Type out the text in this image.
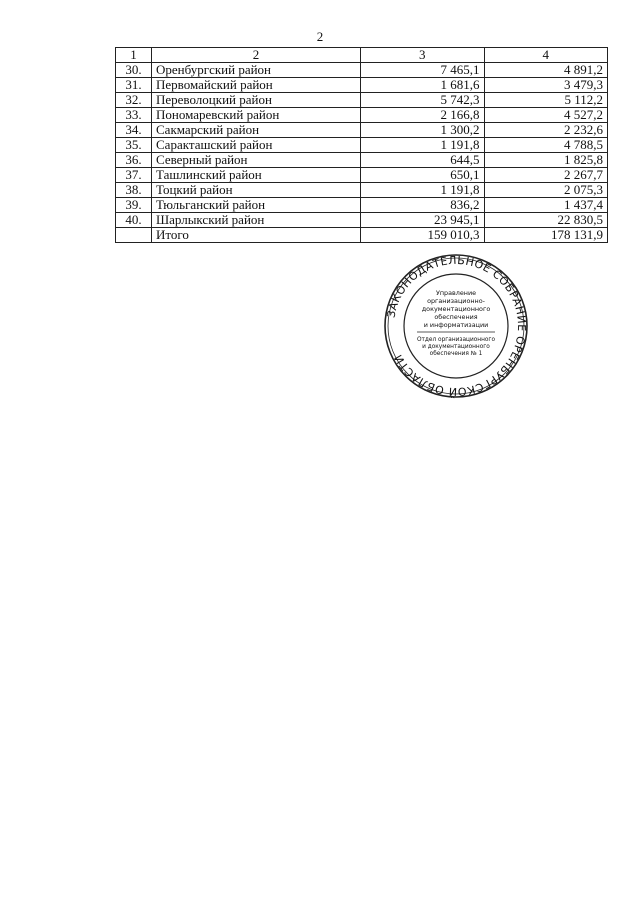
2
1	2	3	4
30.	Оренбургский район	7 465,1	4 891,2
31.	Первомайский район	1 681,6	3 479,3
32.	Переволоцкий район	5 742,3	5 112,2
33.	Пономаревский район	2 166,8	4 527,2
34.	Сакмарский район	1 300,2	2 232,6
35.	Саракташский район	1 191,8	4 788,5
36.	Северный район	644,5	1 825,8
37.	Ташлинский район	650,1	2 267,7
38.	Тоцкий район	1 191,8	2 075,3
39.	Тюльганский район	836,2	1 437,4
40.	Шарлыкский район	23 945,1	22 830,5
	Итого	159 010,3	178 131,9
ЗАКОНОДАТЕЛЬНОЕ СОБРАНИЕ ОРЕНБУРГСКОЙ ОБЛАСТИ
Управление
организационно-
документационного
обеспечения
и информатизации
Отдел организационного
и документационного
обеспечения № 1
